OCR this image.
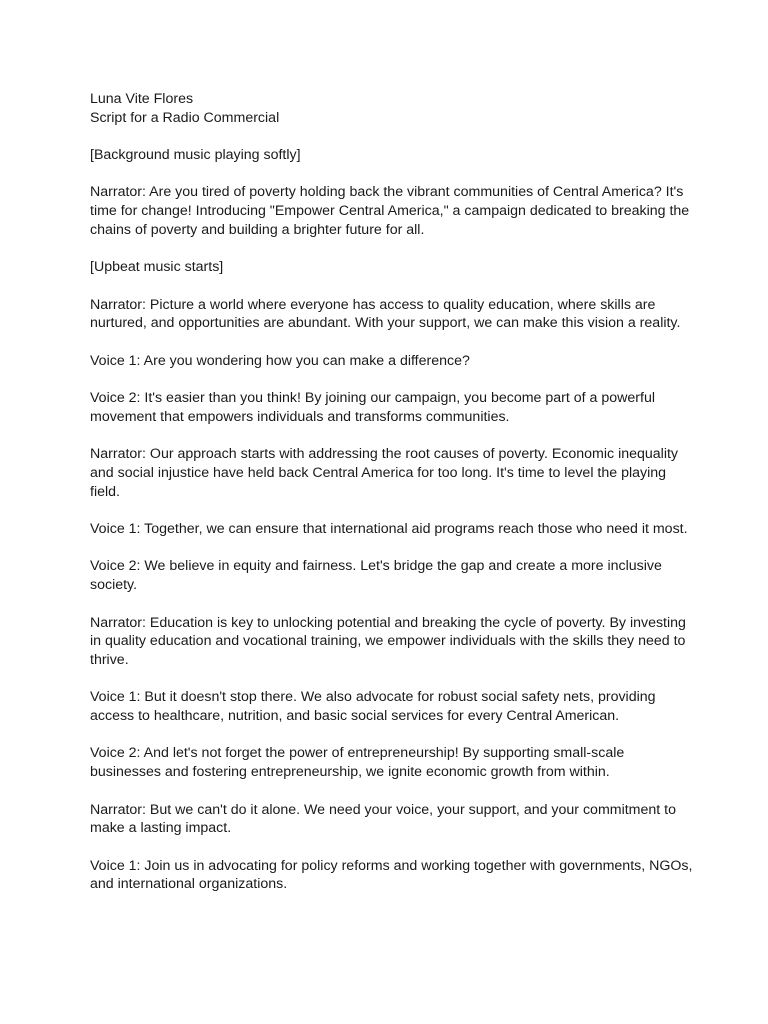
Luna Vite Flores
Script for a Radio Commercial
[Background music playing softly]
Narrator: Are you tired of poverty holding back the vibrant communities of Central America? It's
time for change! Introducing "Empower Central America," a campaign dedicated to breaking the
chains of poverty and building a brighter future for all.
[Upbeat music starts]
Narrator: Picture a world where everyone has access to quality education, where skills are
nurtured, and opportunities are abundant. With your support, we can make this vision a reality.
Voice 1: Are you wondering how you can make a difference?
Voice 2: It's easier than you think! By joining our campaign, you become part of a powerful
movement that empowers individuals and transforms communities.
Narrator: Our approach starts with addressing the root causes of poverty. Economic inequality
and social injustice have held back Central America for too long. It's time to level the playing
field.
Voice 1: Together, we can ensure that international aid programs reach those who need it most.
Voice 2: We believe in equity and fairness. Let's bridge the gap and create a more inclusive
society.
Narrator: Education is key to unlocking potential and breaking the cycle of poverty. By investing
in quality education and vocational training, we empower individuals with the skills they need to
thrive.
Voice 1: But it doesn't stop there. We also advocate for robust social safety nets, providing
access to healthcare, nutrition, and basic social services for every Central American.
Voice 2: And let's not forget the power of entrepreneurship! By supporting small-scale
businesses and fostering entrepreneurship, we ignite economic growth from within.
Narrator: But we can't do it alone. We need your voice, your support, and your commitment to
make a lasting impact.
Voice 1: Join us in advocating for policy reforms and working together with governments, NGOs,
and international organizations.
